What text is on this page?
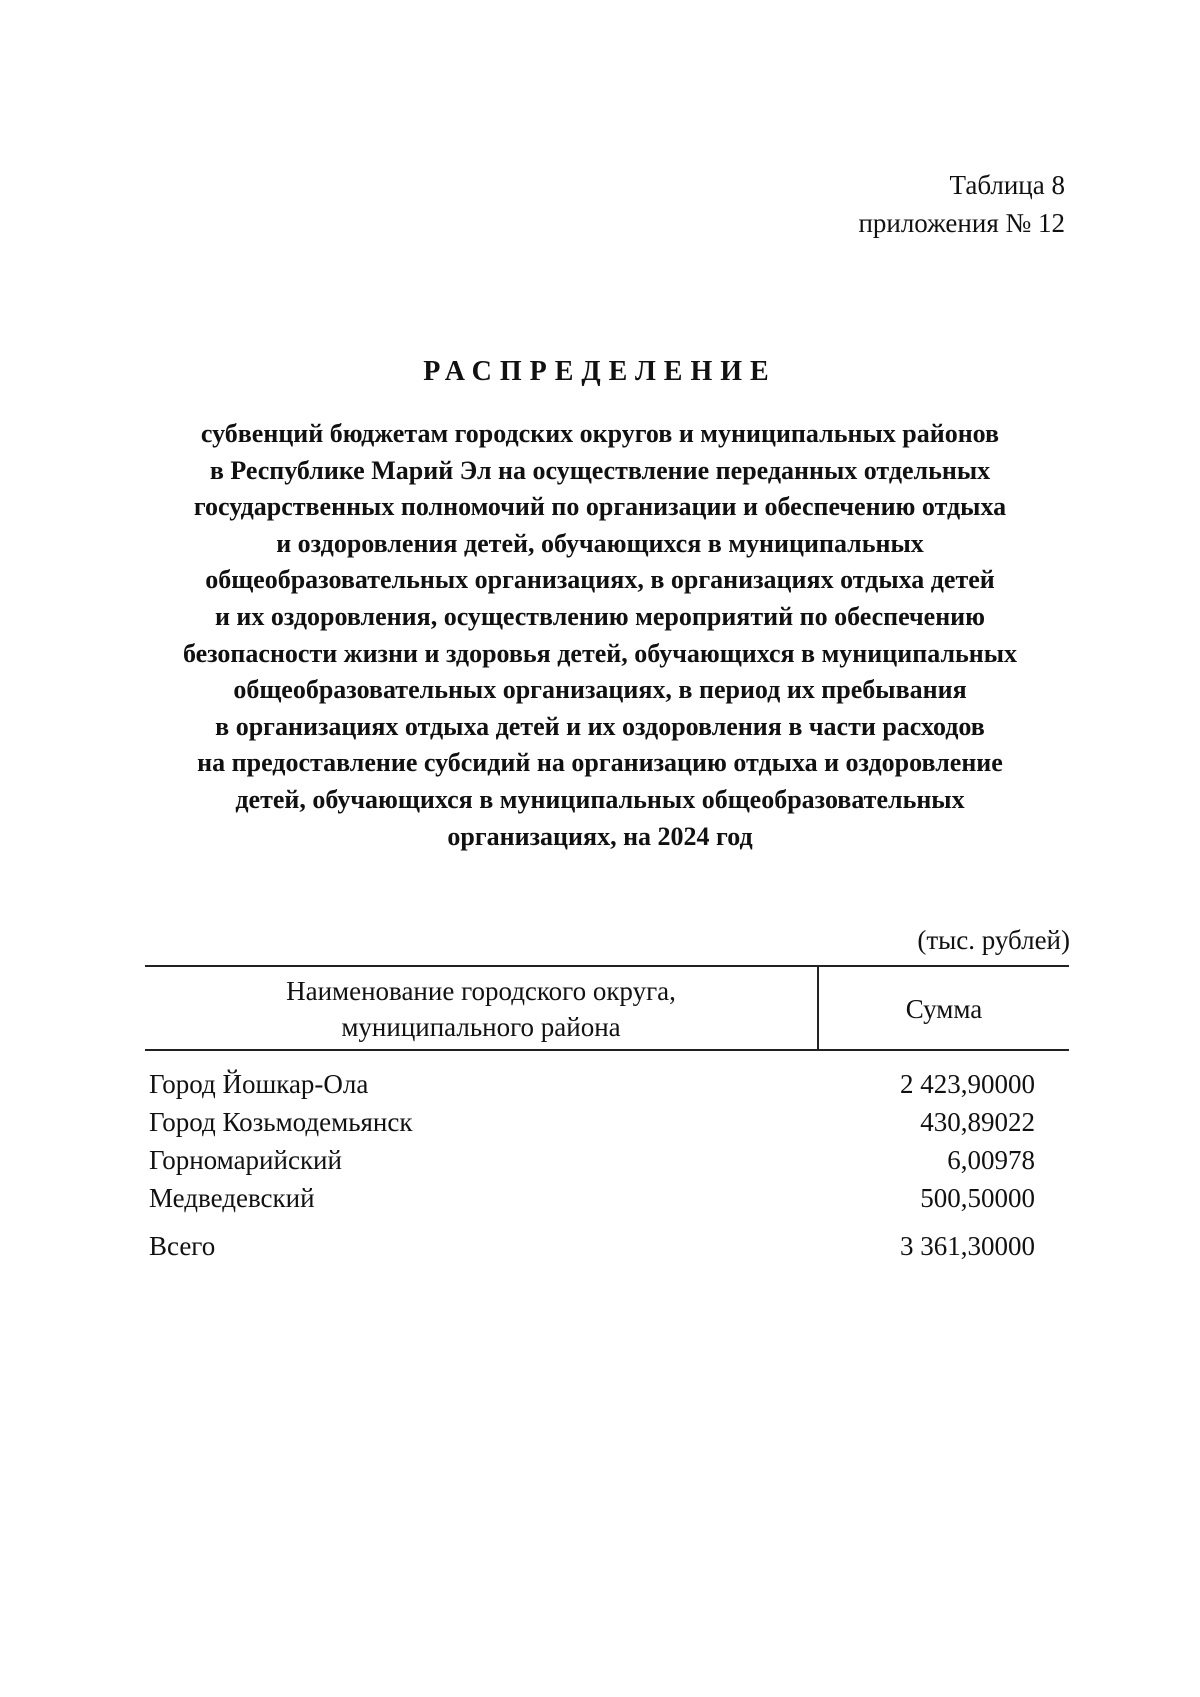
Таблица 8
приложения № 12
РАСПРЕДЕЛЕНИЕ
субвенций бюджетам городских округов и муниципальных районов
в Республике Марий Эл на осуществление переданных отдельных
государственных полномочий по организации и обеспечению отдыха
и оздоровления детей, обучающихся в муниципальных
общеобразовательных организациях, в организациях отдыха детей
и их оздоровления, осуществлению мероприятий по обеспечению
безопасности жизни и здоровья детей, обучающихся в муниципальных
общеобразовательных организациях, в период их пребывания
в организациях отдыха детей и их оздоровления в части расходов
на предоставление субсидий на организацию отдыха и оздоровление
детей, обучающихся в муниципальных общеобразовательных
организациях, на 2024 год
(тыс. рублей)
Наименование городского округа,
муниципального района	Сумма
Город Йошкар-Ола	2 423,90000
Город Козьмодемьянск	430,89022
Горномарийский	6,00978
Медведевский	500,50000
Всего	3 361,30000
